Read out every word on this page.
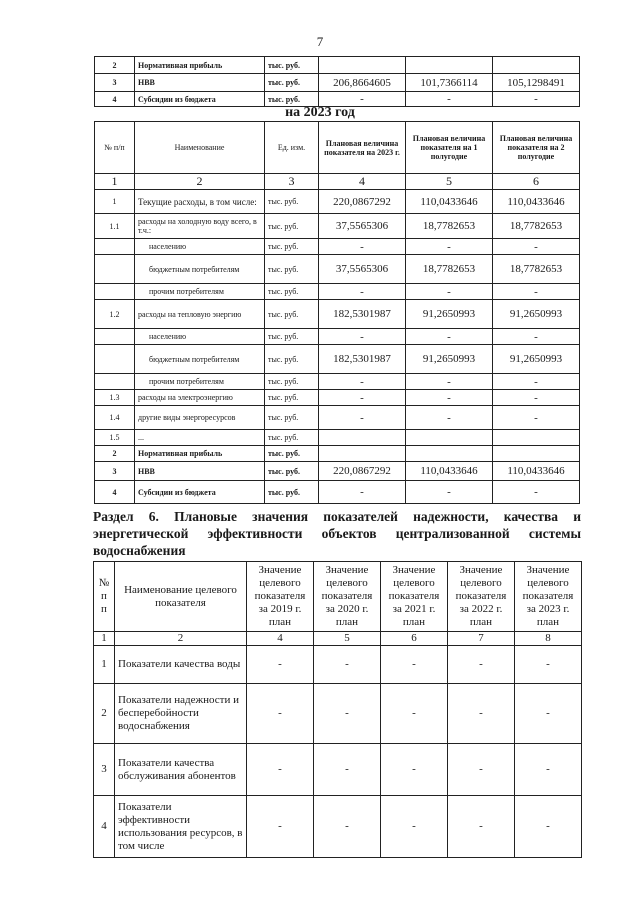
7
2	Нормативная прибыль	тыс. руб.			
3	НВВ	тыс. руб.	206,8664605	101,7366114	105,1298491
4	Субсидии из бюджета	тыс. руб.	-	-	-
на 2023 год
№ п/п	Наименование	Ед. изм.	Плановая величина показателя на 2023 г.	Плановая величина показателя на 1 полугодие	Плановая величина показателя на 2 полугодие
1	2	3	4	5	6
1	Текущие расходы, в том числе:	тыс. руб.	220,0867292	110,0433646	110,0433646
1.1	расходы на холодную воду всего, в т.ч.:	тыс. руб.	37,5565306	18,7782653	18,7782653
	населению	тыс. руб.	-	-	-
	бюджетным потребителям	тыс. руб.	37,5565306	18,7782653	18,7782653
	прочим потребителям	тыс. руб.	-	-	-
1.2	расходы на тепловую энергию	тыс. руб.	182,5301987	91,2650993	91,2650993
	населению	тыс. руб.	-	-	-
	бюджетным потребителям	тыс. руб.	182,5301987	91,2650993	91,2650993
	прочим потребителям	тыс. руб.	-	-	-
1.3	расходы на электроэнергию	тыс. руб.	-	-	-
1.4	другие виды энергоресурсов	тыс. руб.	-	-	-
1.5	...	тыс. руб.			
2	Нормативная прибыль	тыс. руб.			
3	НВВ	тыс. руб.	220,0867292	110,0433646	110,0433646
4	Субсидии из бюджета	тыс. руб.	-	-	-
Раздел 6. Плановые значения показателей надежности, качества и энергетической эффективности объектов централизованной системы водоснабжения
№ п п	Наименование целевого показателя	Значение целевого показателя за 2019 г. план	Значение целевого показателя за 2020 г. план	Значение целевого показателя за 2021 г. план	Значение целевого показателя за 2022 г. план	Значение целевого показателя за 2023 г. план
1	2	4	5	6	7	8
1	Показатели качества воды	-	-	-	-	-
2	Показатели надежности и бесперебойности водоснабжения	-	-	-	-	-
3	Показатели качества обслуживания абонентов	-	-	-	-	-
4	Показатели эффективности использования ресурсов, в том числе	-	-	-	-	-
